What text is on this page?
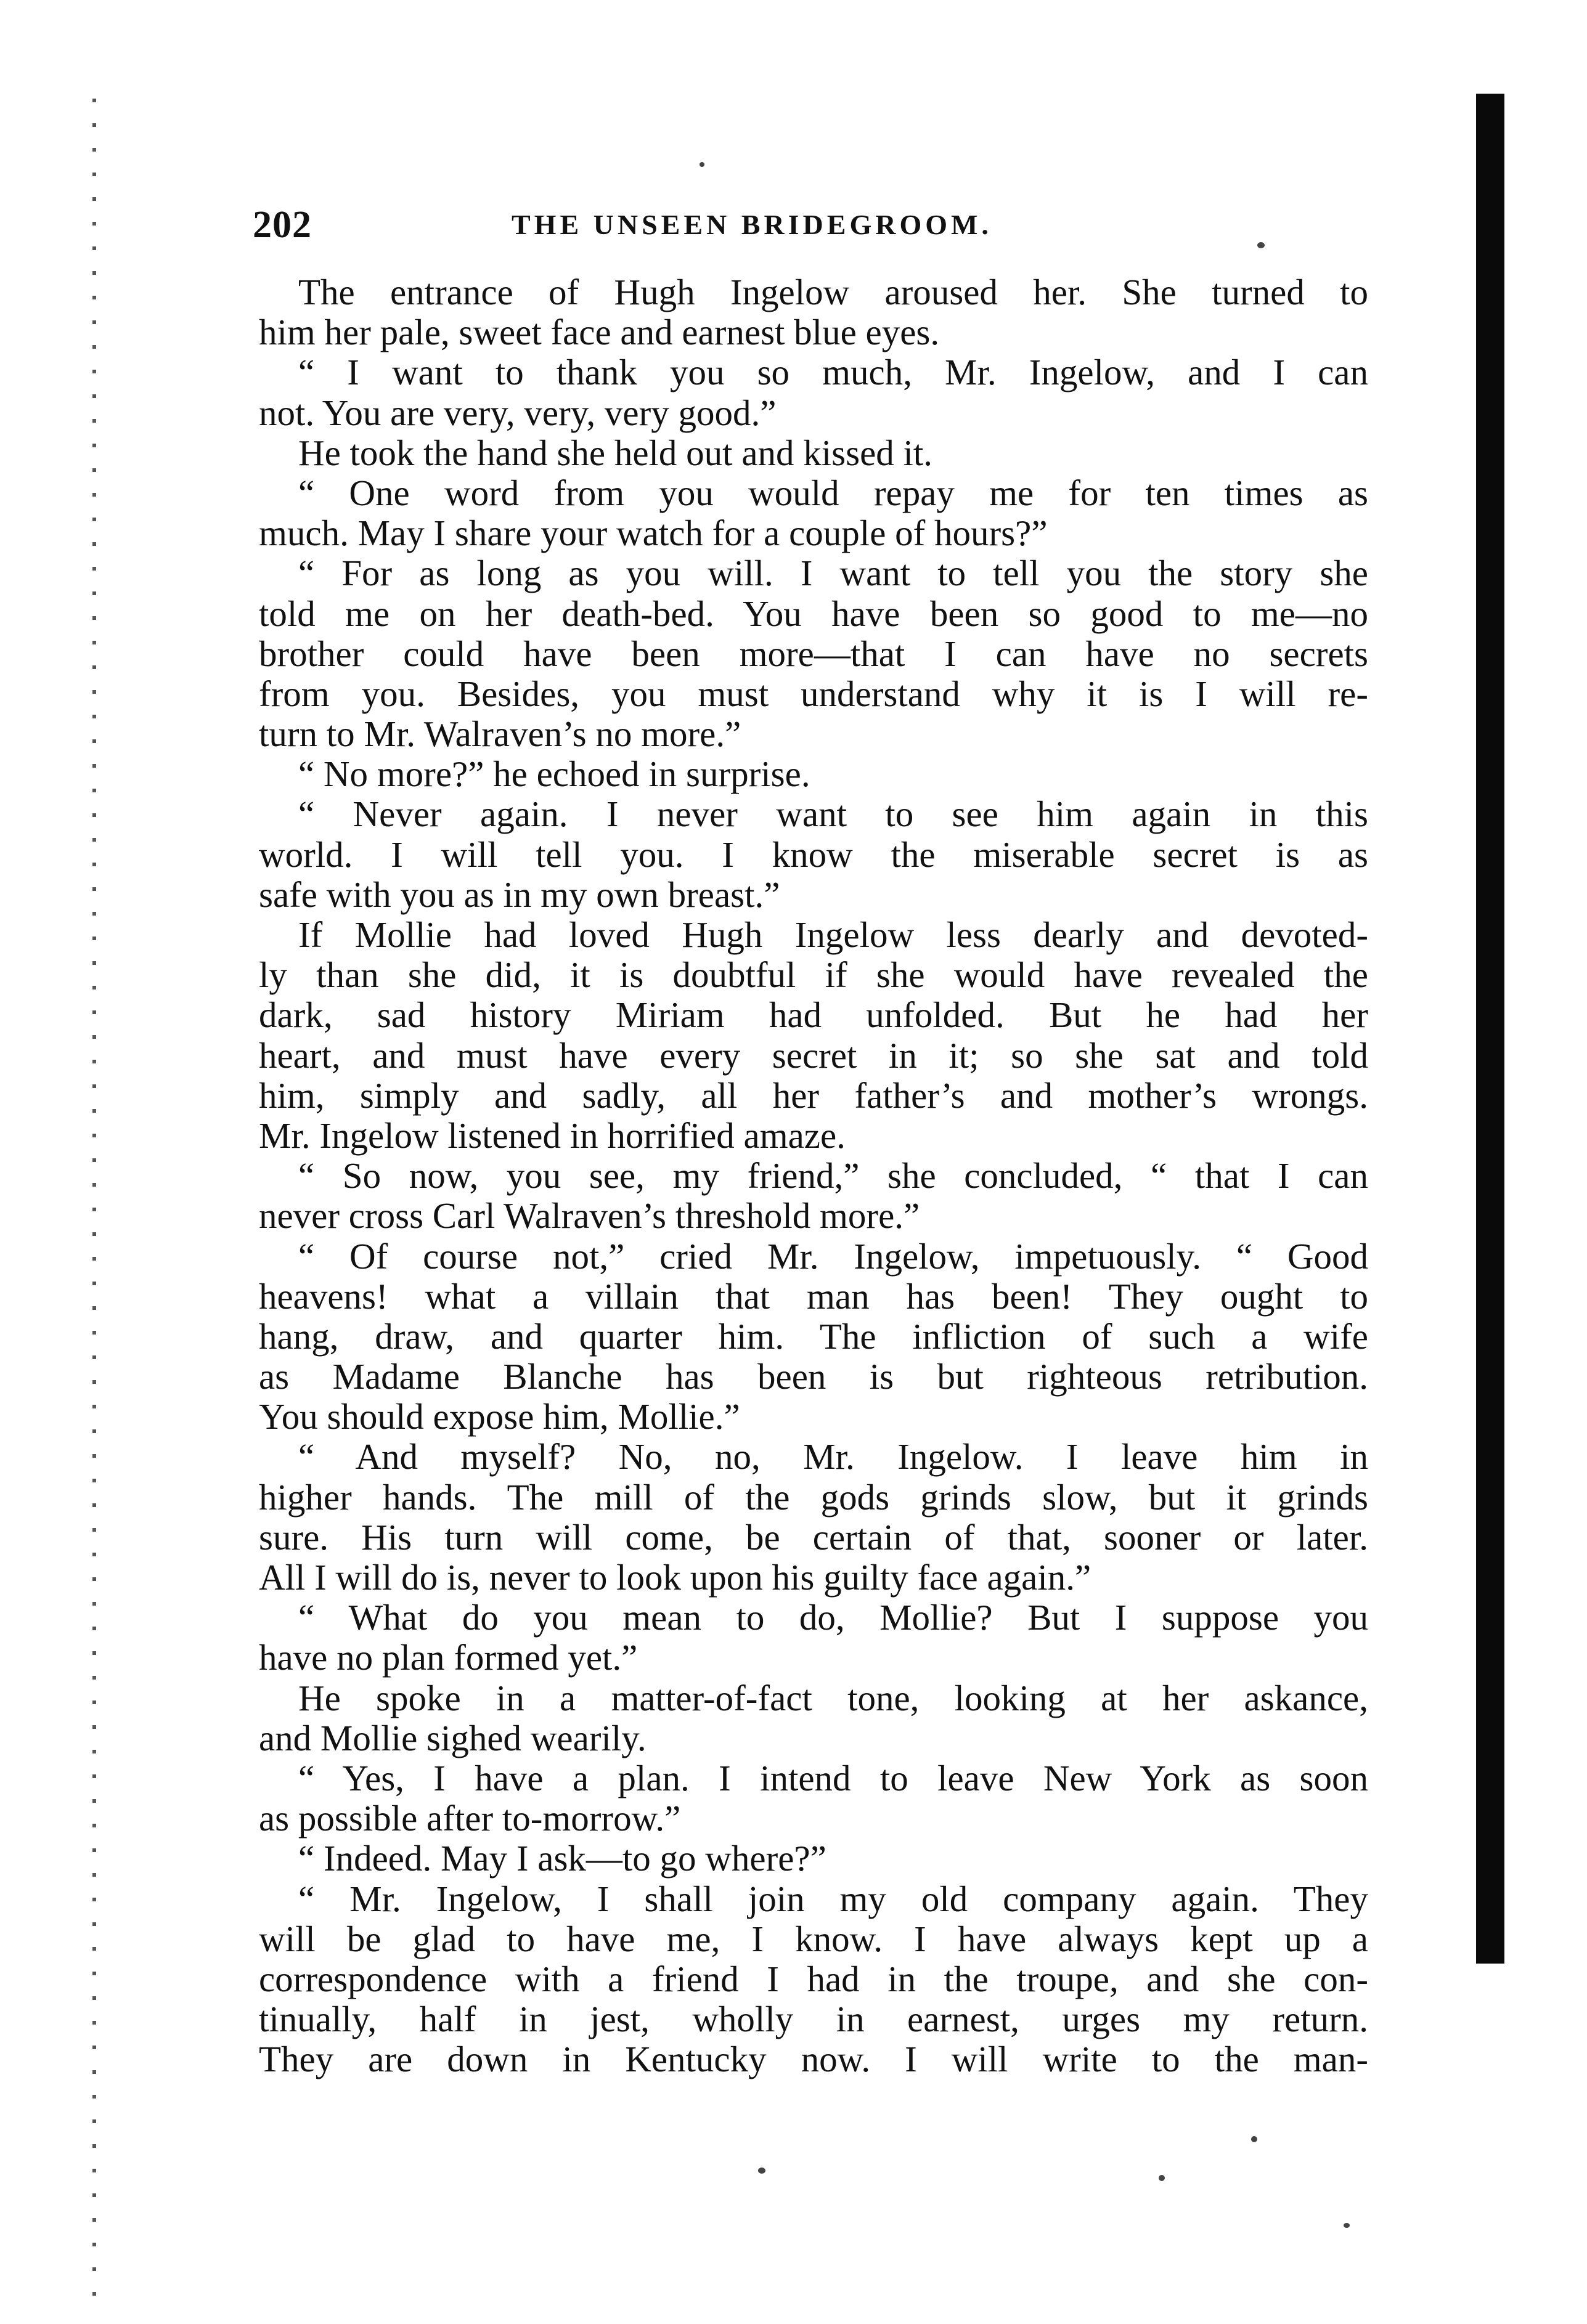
202	THE UNSEEN BRIDEGROOM.
The entrance of Hugh Ingelow aroused her. She turned to
him her pale, sweet face and earnest blue eyes.
“ I want to thank you so much, Mr. Ingelow, and I can
not. You are very, very, very good.”
He took the hand she held out and kissed it.
“ One word from you would repay me for ten times as
much. May I share your watch for a couple of hours?”
“ For as long as you will. I want to tell you the story she
told me on her death-bed. You have been so good to me—no
brother could have been more—that I can have no secrets
from you. Besides, you must understand why it is I will re-
turn to Mr. Walraven’s no more.”
“ No more?” he echoed in surprise.
“ Never again. I never want to see him again in this
world. I will tell you. I know the miserable secret is as
safe with you as in my own breast.”
If Mollie had loved Hugh Ingelow less dearly and devoted-
ly than she did, it is doubtful if she would have revealed the
dark, sad history Miriam had unfolded. But he had her
heart, and must have every secret in it; so she sat and told
him, simply and sadly, all her father’s and mother’s wrongs.
Mr. Ingelow listened in horrified amaze.
“ So now, you see, my friend,” she concluded, “ that I can
never cross Carl Walraven’s threshold more.”
“ Of course not,” cried Mr. Ingelow, impetuously. “ Good
heavens! what a villain that man has been! They ought to
hang, draw, and quarter him. The infliction of such a wife
as Madame Blanche has been is but righteous retribution.
You should expose him, Mollie.”
“ And myself? No, no, Mr. Ingelow. I leave him in
higher hands. The mill of the gods grinds slow, but it grinds
sure. His turn will come, be certain of that, sooner or later.
All I will do is, never to look upon his guilty face again.”
“ What do you mean to do, Mollie? But I suppose you
have no plan formed yet.”
He spoke in a matter-of-fact tone, looking at her askance,
and Mollie sighed wearily.
“ Yes, I have a plan. I intend to leave New York as soon
as possible after to-morrow.”
“ Indeed. May I ask—to go where?”
“ Mr. Ingelow, I shall join my old company again. They
will be glad to have me, I know. I have always kept up a
correspondence with a friend I had in the troupe, and she con-
tinually, half in jest, wholly in earnest, urges my return.
They are down in Kentucky now. I will write to the man-
